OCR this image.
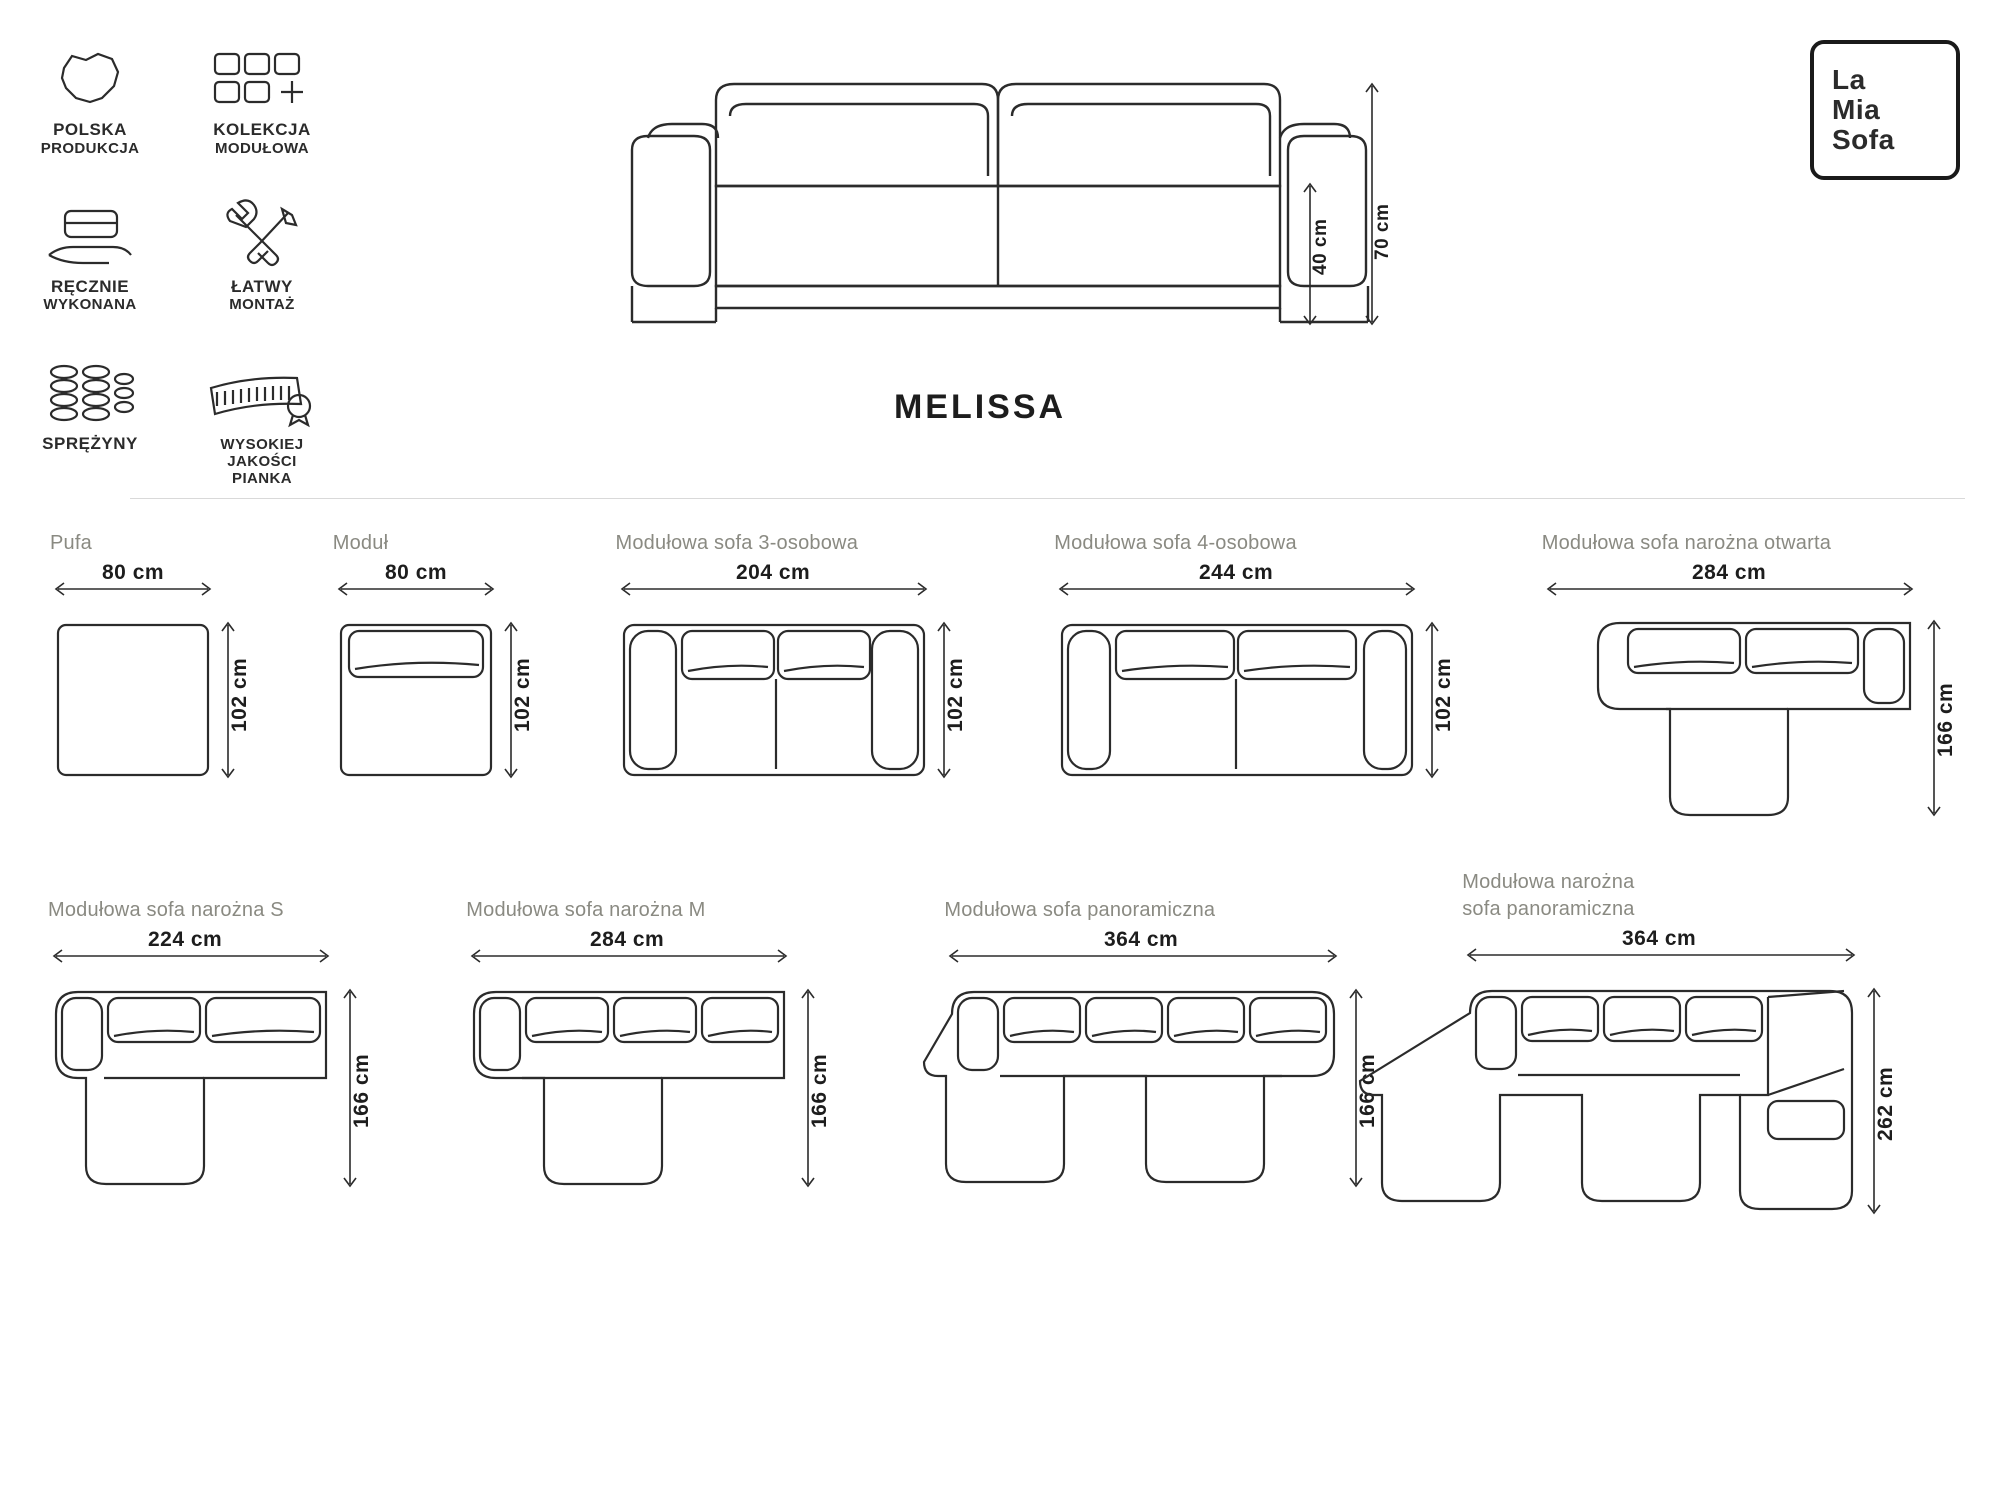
POLSKA
PRODUKCJA
KOLEKCJA
MODUŁOWA
RĘCZNIE
WYKONANA
ŁATWY
MONTAŻ
SPRĘŻYNY	WYSOKIEJ
JAKOŚCI PIANKA
40 cm 70 cm
MELISSA
La
Mia
Sofa
Pufa
80 cm
102 cm
Moduł
80 cm
102 cm
Modułowa sofa 3-osobowa
204 cm
102 cm
Modułowa sofa 4-osobowa
244 cm
102 cm
Modułowa sofa narożna otwarta
284 cm
166 cm
Modułowa sofa narożna S
224 cm
166 cm
Modułowa sofa narożna M
284 cm
166 cm
Modułowa sofa panoramiczna
364 cm
166 cm
Modułowa narożna
sofa panoramiczna
364 cm
262 cm
